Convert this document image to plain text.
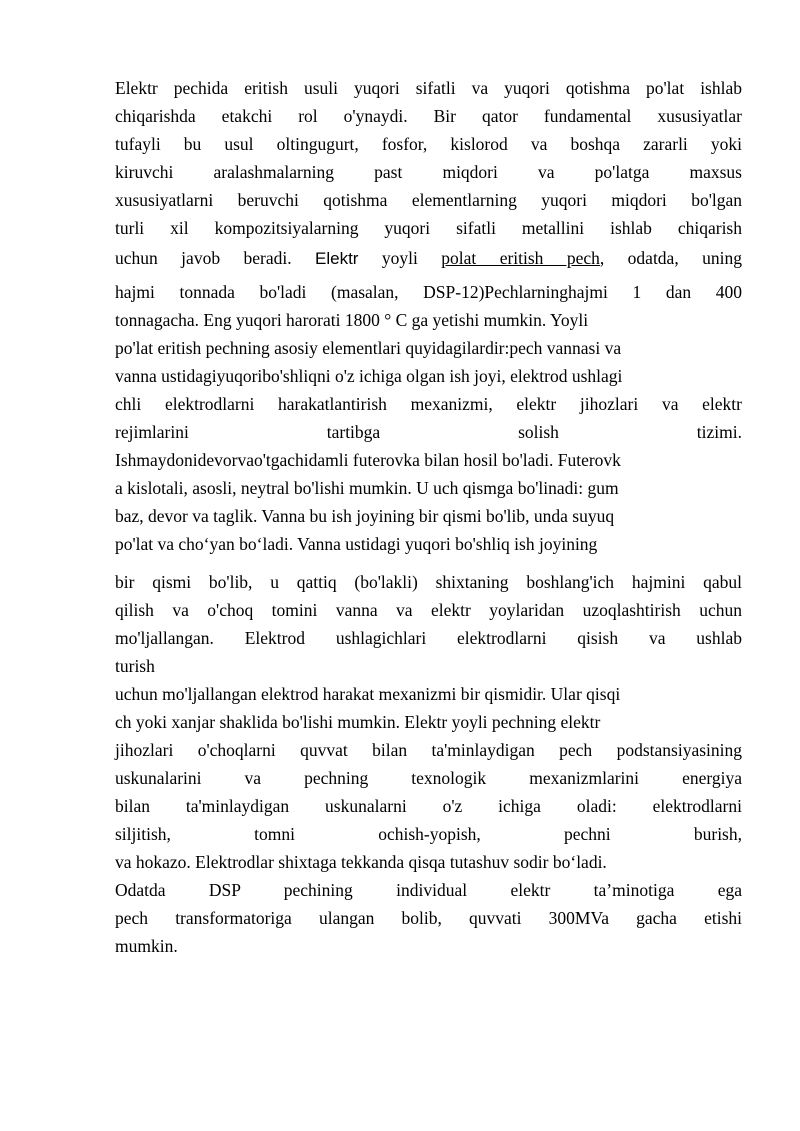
Elektr pechida eritish usuli yuqori sifatli va yuqori qotishma po'lat ishlab
chiqarishda etakchi rol o'ynaydi. Bir qator fundamental xususiyatlar
tufayli bu usul oltingugurt, fosfor, kislorod va boshqa zararli yoki
kiruvchi aralashmalarning past miqdori va po'latga maxsus
xususiyatlarni beruvchi qotishma elementlarning yuqori miqdori bo'lgan
turli xil kompozitsiyalarning yuqori sifatli metallini ishlab chiqarish
uchun javob beradi. Elektr yoyli polat eritish pech, odatda, uning
hajmi tonnada bo'ladi (masalan, DSP-12)Pechlarninghajmi 1 dan 400
tonnagacha. Eng yuqori harorati 1800 ° C ga yetishi mumkin. Yoyli
po'lat eritish pechning asosiy elementlari quyidagilardir:pech vannasi va
vanna ustidagiyuqoribo'shliqni o'z ichiga olgan ish joyi, elektrod ushlagi
chli elektrodlarni harakatlantirish mexanizmi, elektr jihozlari va elektr
rejimlarini tartibga solish tizimi.
Ishmaydonidevorvao'tgachidamli futerovka bilan hosil bo'ladi. Futerovk
a kislotali, asosli, neytral bo'lishi mumkin. U uch qismga bo'linadi: gum
baz, devor va taglik. Vanna bu ish joyining bir qismi bo'lib, unda suyuq
po'lat va cho‘yan bo‘ladi. Vanna ustidagi yuqori bo'shliq ish joyining
bir qismi bo'lib, u qattiq (bo'lakli) shixtaning boshlang'ich hajmini qabul
qilish va o'choq tomini vanna va elektr yoylaridan uzoqlashtirish uchun
mo'ljallangan. Elektrod ushlagichlari elektrodlarni qisish va ushlab
turish
uchun mo'ljallangan elektrod harakat mexanizmi bir qismidir. Ular qisqi
ch yoki xanjar shaklida bo'lishi mumkin. Elektr yoyli pechning elektr
jihozlari o'choqlarni quvvat bilan ta'minlaydigan pech podstansiyasining
uskunalarini va pechning texnologik mexanizmlarini energiya
bilan ta'minlaydigan uskunalarni o'z ichiga oladi: elektrodlarni
siljitish, tomni ochish-yopish, pechni burish,
va hokazo. Elektrodlar shixtaga tekkanda qisqa tutashuv sodir bo‘ladi.
Odatda DSP pechining individual elektr ta’minotiga ega
pech transformatoriga ulangan bolib, quvvati 300MVa gacha etishi
mumkin.
